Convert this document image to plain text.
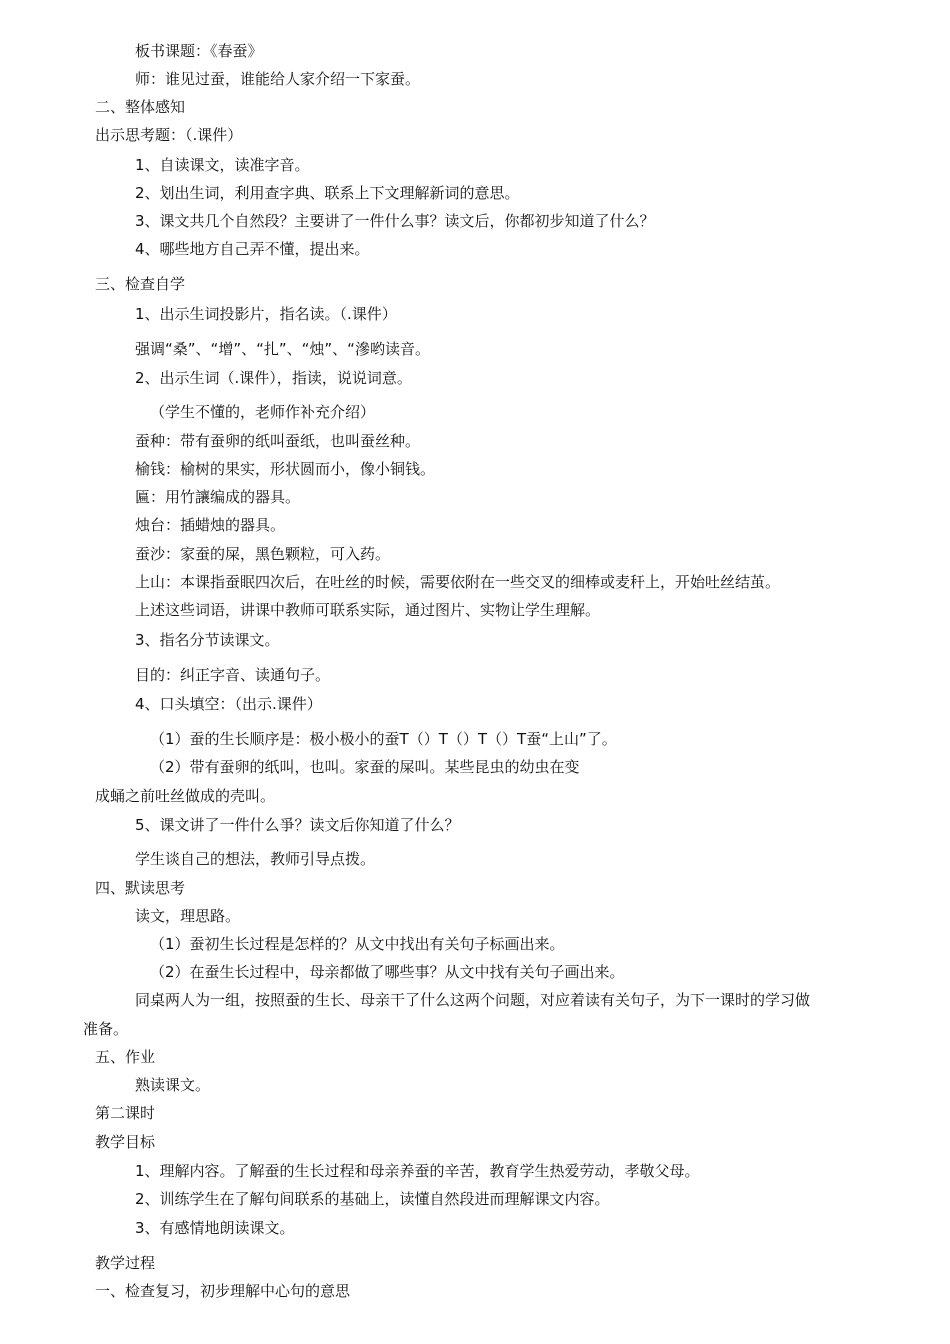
板书课题：《春蚕》
师：谁见过蚕，谁能给人家介绍一下家蚕。
二、整体感知
出示思考题：（.课件）
1、自读课文，读准字音。
2、划出生词，利用查字典、联系上下文理解新词的意思。
3、课文共几个自然段？主要讲了一件什么事？读文后，你都初步知道了什么？
4、哪些地方自己弄不懂，提出来。
三、检查自学
1、出示生词投影片，指名读。（.课件）
强调“桑”、“增”、“扎”、“烛”、“滲哟读音。
2、出示生词（.课件），指读，说说词意。
（学生不懂的，老师作补充介绍）
蚕种：带有蚕卵的纸叫蚕纸，也叫蚕丝种。
榆钱：榆树的果实，形状圆而小，像小铜钱。
匾：用竹讓编成的器具。
烛台：插蜡烛的器具。
蚕沙：家蚕的屎，黑色颗粒，可入药。
上山：本课指蚕眠四次后，在吐丝的时候，需要依附在一些交叉的细棒或麦秆上，开始吐丝结茧。
上述这些词语，讲课中教师可联系实际，通过图片、实物让学生理解。
3、指名分节读课文。
目的：纠正字音、读通句子。
4、口头填空：（出示.课件）
（1）蚕的生长顺序是：极小极小的蚕T（）T（）T（）T蚕“上山”了。
（2）带有蚕卵的纸叫，也叫。家蚕的屎叫。某些昆虫的幼虫在变
成蛹之前吐丝做成的壳叫。
5、课文讲了一件什么爭？读文后你知道了什么？
学生谈自己的想法，教师引导点拨。
四、默读思考
读文，理思路。
（1）蚕初生长过程是怎样的？从文中找出有关句子标画出来。
（2）在蚕生长过程中，母亲都做了哪些事？从文中找有关句子画出来。
同桌两人为一组，按照蚕的生长、母亲干了什么这两个问题，对应着读有关句子，为下一课时的学习做
准备。
五、作业
熟读课文。
第二课时
教学目标
1、理解内容。了解蚕的生长过程和母亲养蚕的辛苦，教育学生热爱劳动，孝敬父母。
2、训练学生在了解句间联系的基础上，读懂自然段进而理解课文内容。
3、有感情地朗读课文。
教学过程
一、检查复习，初步理解中心句的意思
